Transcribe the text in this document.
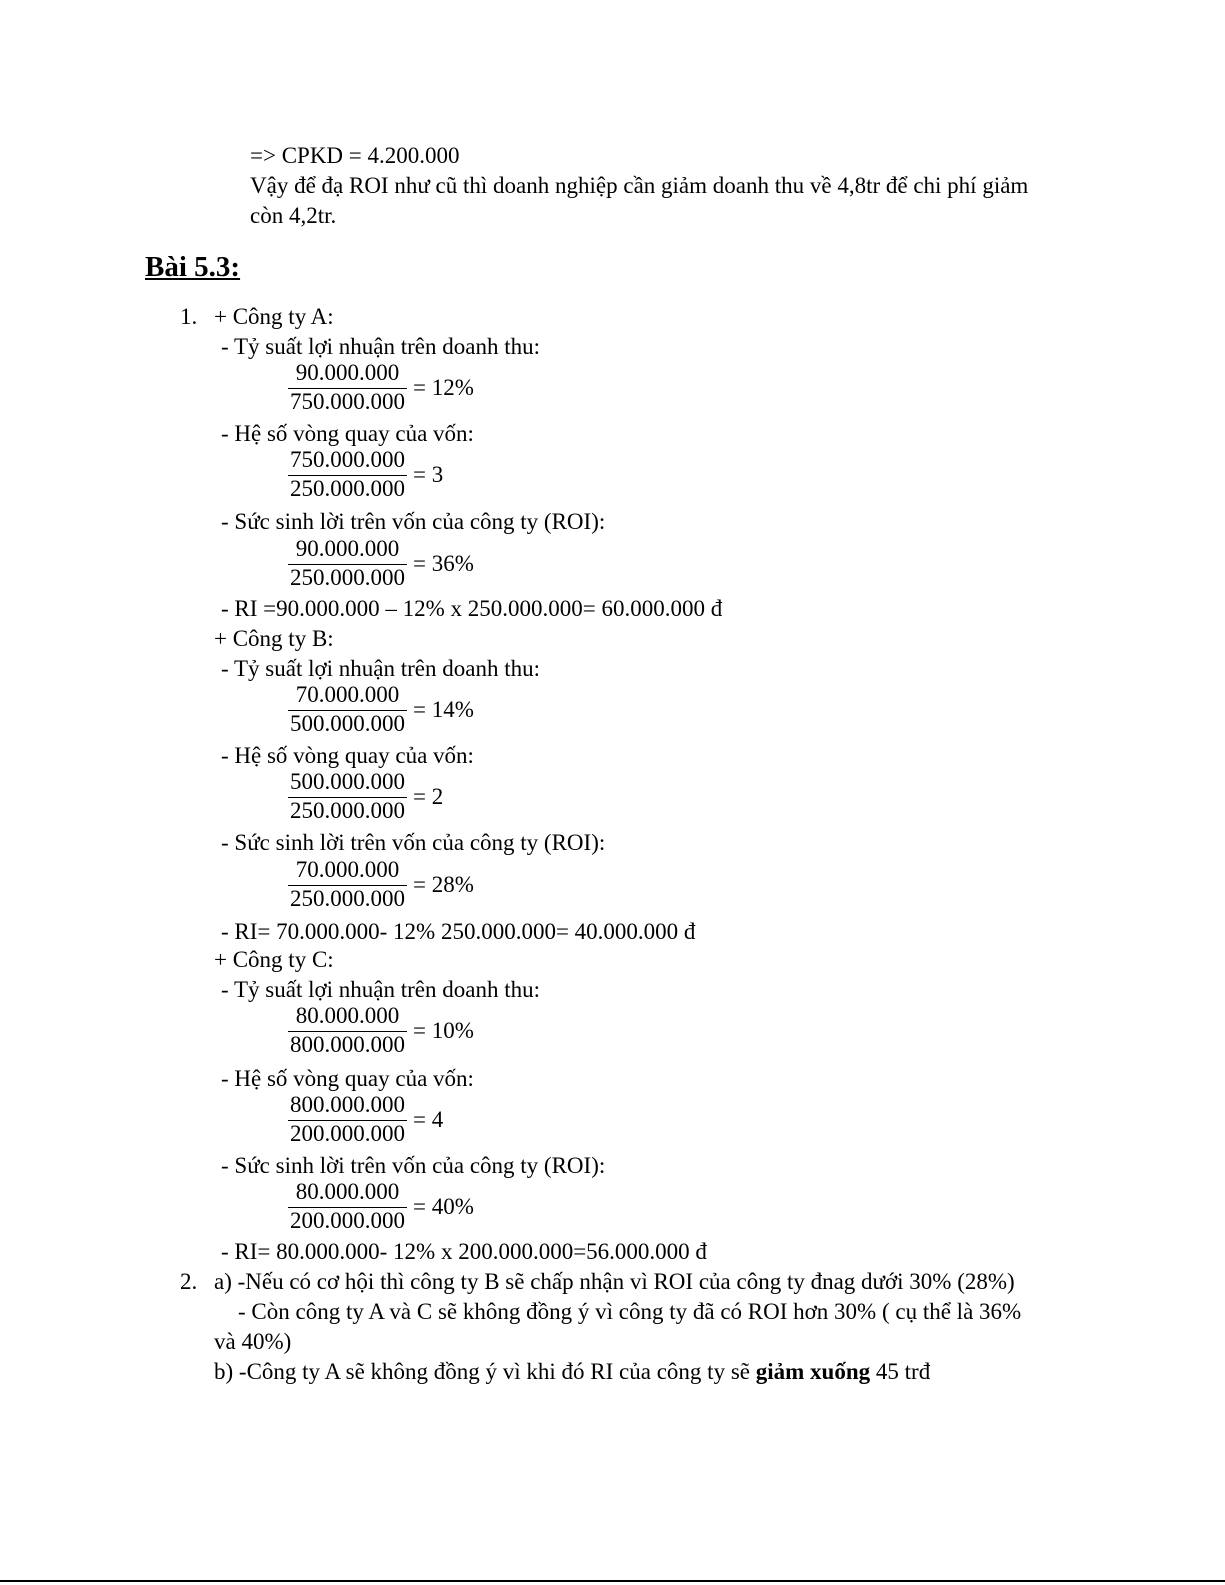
=> CPKD = 4.200.000
Vậy để đạ ROI như cũ thì doanh nghiệp cần giảm doanh thu về 4,8tr để chi phí giảm
còn 4,2tr.
Bài 5.3:
1. + Công ty A:
- Tỷ suất lợi nhuận trên doanh thu:
$\frac{90.000.000}{750.000.000} = 12\%$
- Hệ số vòng quay của vốn:
$\frac{750.000.000}{250.000.000} = 3$
- Sức sinh lời trên vốn của công ty (ROI):
$\frac{90.000.000}{250.000.000} = 36\%$
- RI =90.000.000 – 12% x 250.000.000= 60.000.000 đ
+ Công ty B:
- Tỷ suất lợi nhuận trên doanh thu:
$\frac{70.000.000}{500.000.000} = 14\%$
- Hệ số vòng quay của vốn:
$\frac{500.000.000}{250.000.000} = 2$
- Sức sinh lời trên vốn của công ty (ROI):
$\frac{70.000.000}{250.000.000} = 28\%$
- RI= 70.000.000- 12% 250.000.000= 40.000.000 đ
+ Công ty C:
- Tỷ suất lợi nhuận trên doanh thu:
$\frac{80.000.000}{800.000.000} = 10\%$
- Hệ số vòng quay của vốn:
$\frac{800.000.000}{200.000.000} = 4$
- Sức sinh lời trên vốn của công ty (ROI):
$\frac{80.000.000}{200.000.000} = 40\%$
- RI= 80.000.000- 12% x 200.000.000=56.000.000 đ
2. a) -Nếu có cơ hội thì công ty B sẽ chấp nhận vì ROI của công ty đnag dưới 30% (28%)
- Còn công ty A và C sẽ không đồng ý vì công ty đã có ROI hơn 30% ( cụ thể là 36%
và 40%)
b) -Công ty A sẽ không đồng ý vì khi đó RI của công ty sẽ giảm xuống 45 trđ
